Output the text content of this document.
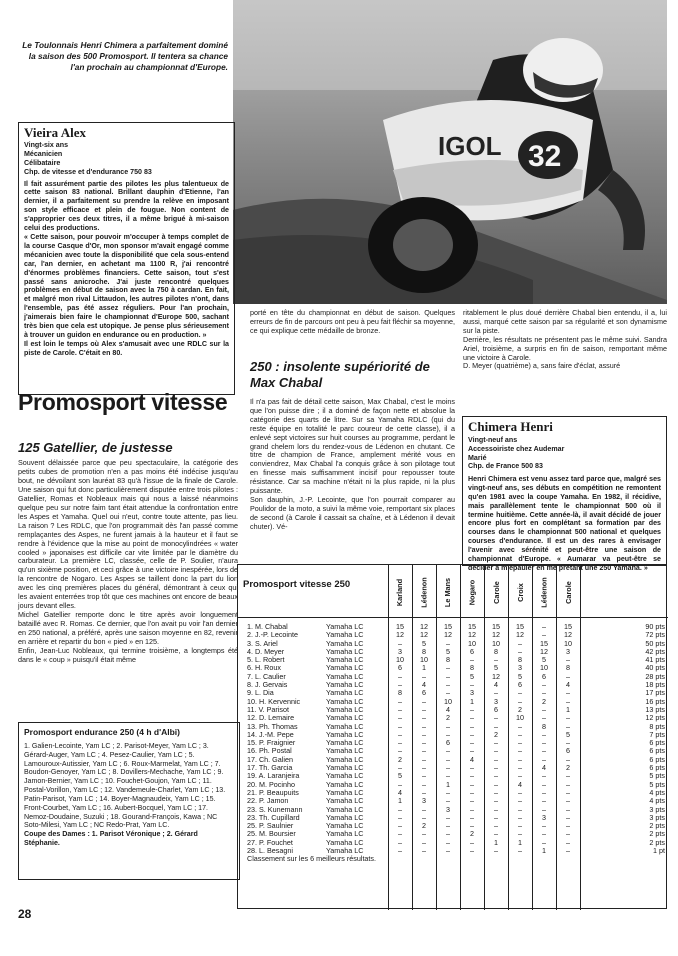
Le Toulonnais Henri Chimera a parfaitement dominé la saison des 500 Promosport. Il tentera sa chance l'an prochain au championnat d'Europe.
IGOL 32
Vieira Alex
Vingt-six ans
Mécanicien
Célibataire
Chp. de vitesse et d'endurance 750 83

Il fait assurément partie des pilotes les plus talentueux de cette saison 83 national. Brillant dauphin d'Etienne, l'an dernier, il a parfaitement su prendre la relève en imposant son style efficace et plein de fougue. Non content de s'approprier ces deux titres, il a même brigué à mi-saison celui des productions.

« Cette saison, pour pouvoir m'occuper à temps complet de la course Casque d'Or, mon sponsor m'avait engagé comme mécanicien avec toute la disponibilité que cela sous-entend car, l'an dernier, en achetant ma 1100 R, j'ai rencontré d'énormes problèmes financiers. Cette saison, tout s'est passé sans anicroche. J'ai juste rencontré quelques problèmes en début de saison avec la 750 à cardan. En fait, et malgré mon rival Littaudon, les autres pilotes n'ont, dans l'ensemble, pas été assez réguliers. Pour l'an prochain, j'aimerais bien faire le championnat d'Europe 500, sachant très bien que cela est utopique. Je pense plus sérieusement à trouver un guidon en endurance ou en production. »

Il est loin le temps où Alex s'amusait avec une RDLC sur la piste de Carole. C'était en 80.

Promosport vitesse
125 Gatellier, de justesse

Souvent délaissée parce que peu spectaculaire, la catégorie des petits cubes de promotion n'en a pas moins été indécise jusqu'au bout, ne dévoilant son lauréat 83 qu'à l'issue de la finale de Carole. Une saison qui fut donc particulièrement disputée entre trois pilotes : Gatellier, Romas et Nobleaux mais qui nous a laissé néanmoins quelque peu sur notre faim tant était attendue la confrontation entre les Aspes et Yamaha. Quel oui n'eut, contre toute attente, pas lieu. La raison ? Les RDLC, que l'on programmait dès l'an passé comme remplaçantes des Aspes, ne furent jamais à la hauteur et il faut se rendre à l'évidence que la mise au point de monocylindrées « water cooled » japonaises est difficile car vite limitée par le diamètre du carburateur. La première LC, classée, celle de P. Soulier, n'aura qu'un sixième position, et ceci grâce à une victoire inespérée, lors de la rencontre de Nogaro. Les Aspes se taillent donc la part du lion avec les cinq premières places du général, démontrant à ceux qui les avaient enterrées trop tôt que ces machines ont encore de beaux jours devant elles.

Michel Gatellier remporte donc le titre après avoir longuement bataillé avec R. Romas. Ce dernier, que l'on avait pu voir l'an dernier en 250 national, a préféré, après une saison moyenne en 82, revenir en arrière et repartir du bon « pied » en 125.

Enfin, Jean-Luc Nobleaux, qui termine troisième, a longtemps été dans le « coup » puisqu'il était même

Promosport endurance 250 (4 h d'Albi)

1. Galien-Lecointe, Yam LC ; 2. Parisot-Meyer, Yam LC ; 3. Gérard-Auger, Yam LC ; 4. Pesez-Caulier, Yam LC ; 5. Lamouroux-Autissier, Yam LC ; 6. Roux-Marmelat, Yam LC ; 7. Boudon-Genoyer, Yam LC ; 8. Dovillers-Mechache, Yam LC ; 9. Jamon-Bernier, Yam LC ; 10. Fouchet-Goujon, Yam LC ; 11. Postal-Vorillon, Yam LC ; 12. Vandemeule-Charlet, Yam LC ; 13. Patin-Parisot, Yam LC ; 14. Boyer-Magnaudeix, Yam LC ; 15. Front-Courbet, Yam LC ; 16. Aubert-Bocquel, Yam LC ; 17. Nemoz-Doudaine, Suzuki ; 18. Gourand-François, Kawa ; NC Soto-Milesi, Yam LC ; NC Redo-Prat, Yam LC.

Coupe des Dames : 1. Parisot Véronique ; 2. Gérard Stéphanie.

28
porté en tête du championnat en début de saison. Quelques erreurs de fin de parcours ont peu à peu fait fléchir sa moyenne, ce qui explique cette médaille de bronze.
250 : insolente supériorité de Max Chabal

Il n'a pas fait de détail cette saison, Max Chabal, c'est le moins que l'on puisse dire ; il a dominé de façon nette et absolue la catégorie des quarts de litre. Sur sa Yamaha RDLC (qui du reste équipe en totalité le parc coureur de cette classe), il a enlevé sept victoires sur huit courses au programme, perdant le grand chelem lors du rendez-vous de Lédenon en chutant. Ce titre de champion de France, amplement mérité vous en conviendrez, Max Chabal l'a conquis grâce à son pilotage tout en finesse mais suffisamment incisif pour repousser toute résistance. Car sa machine n'était ni la plus rapide, ni la plus puissante.

Son dauphin, J.-P. Lecointe, que l'on pourrait comparer au Poulidor de la moto, a suivi la même voie, remportant six places de second (à Carole il cassait sa chaîne, et à Lédenon il devait chuter). Vé-

ritablement le plus doué derrière Chabal bien entendu, il a, lui aussi, marqué cette saison par sa régularité et son dynamisme sur la piste.

Derrière, les résultats ne présentent pas le même suivi. Sandra Ariel, troisième, a surpris en fin de saison, remportant même une victoire à Carole.

D. Meyer (quatrième) a, sans faire d'éclat, assuré

Chimera Henri
Vingt-neuf ans
Accessoiriste chez Audemar
Marié
Chp. de France 500 83

Henri Chimera est venu assez tard parce que, malgré ses vingt-neuf ans, ses débuts en compétition ne remontent qu'en 1981 avec la coupe Yamaha. En 1982, il récidive, mais parallèlement tente le championnat 500 où il termine huitième. Cette année-là, il avait décidé de jouer encore plus fort en complétant sa formation par des courses dans le championnat 500 national et quelques courses d'endurance. Il est un des rares à envisager l'avenir avec sérénité et peut-être une saison de championnat d'Europe. « Aumarar va peut-être se décider à m'épauler en me prêtant une 250 Yamaha. »

Promosport vitesse 250
1. M. Chabal
2. J.-P. Lecointe
3. S. Ariel
4. D. Meyer
5. L. Robert
6. H. Roux
7. L. Caulier
8. J. Gervais
9. L. Dia
10. H. Kervennic
11. V. Parisot
12. D. Lemaire
13. Ph. Thomas
14. J.-M. Pepe
15. P. Fraignier
16. Ph. Postal
17. Ch. Galien
17. Th. Garcia
19. A. Laranjeira
20. M. Pocinho
21. P. Beaupuits
22. P. Jamon
23. S. Kunemann
23. Th. Cupillard
25. P. Saulnier
25. M. Boursier
27. P. Fouchet
28. L. Besagni
Classement sur les 6 meilleurs résultats.
Yamaha LC
Yamaha LC
Yamaha LC
Yamaha LC
Yamaha LC
Yamaha LC
Yamaha LC
Yamaha LC
Yamaha LC
Yamaha LC
Yamaha LC
Yamaha LC
Yamaha LC
Yamaha LC
Yamaha LC
Yamaha LC
Yamaha LC
Yamaha LC
Yamaha LC
Yamaha LC
Yamaha LC
Yamaha LC
Yamaha LC
Yamaha LC
Yamaha LC
Yamaha LC
Yamaha LC
Yamaha LC
90 pts
72 pts
50 pts
42 pts
41 pts
40 pts
28 pts
18 pts
17 pts
16 pts
13 pts
12 pts
8 pts
7 pts
6 pts
6 pts
6 pts
6 pts
5 pts
5 pts
4 pts
4 pts
3 pts
3 pts
2 pts
2 pts
2 pts
1 pt
Karland
15
12
–
3
10
6
–
–
8
–
–
–
–
–
–
–
2
–
5
–
4
1
–
–
–
–
–
–
Lédenon
12
12
5
8
10
1
–
4
6
–
–
–
–
–
–
–
–
–
–
–
–
3
–
–
2
–
–
–
Le Mans
15
12
–
5
8
–
–
–
–
10
4
2
–
–
6
–
–
–
–
1
–
–
3
–
–
–
–
–
Nogaro
15
12
10
6
–
8
5
–
3
1
–
–
–
–
–
–
4
–
–
–
–
–
–
–
–
2
–
–
Carole
15
12
10
8
–
5
12
4
–
3
6
–
–
2
–
–
–
–
–
–
–
–
–
–
–
–
1
–
Croix
15
12
–
–
8
3
5
6
–
–
2
10
–
–
–
–
–
–
–
4
–
–
–
–
–
–
1
–
Lédenon
–
–
15
12
5
10
6
–
–
2
–
–
8
–
–
–
–
4
–
–
–
–
–
3
–
–
–
1
Carole
15
12
10
3
–
8
–
4
–
–
1
–
–
5
–
6
–
2
–
–
–
–
–
–
–
–
–
–
